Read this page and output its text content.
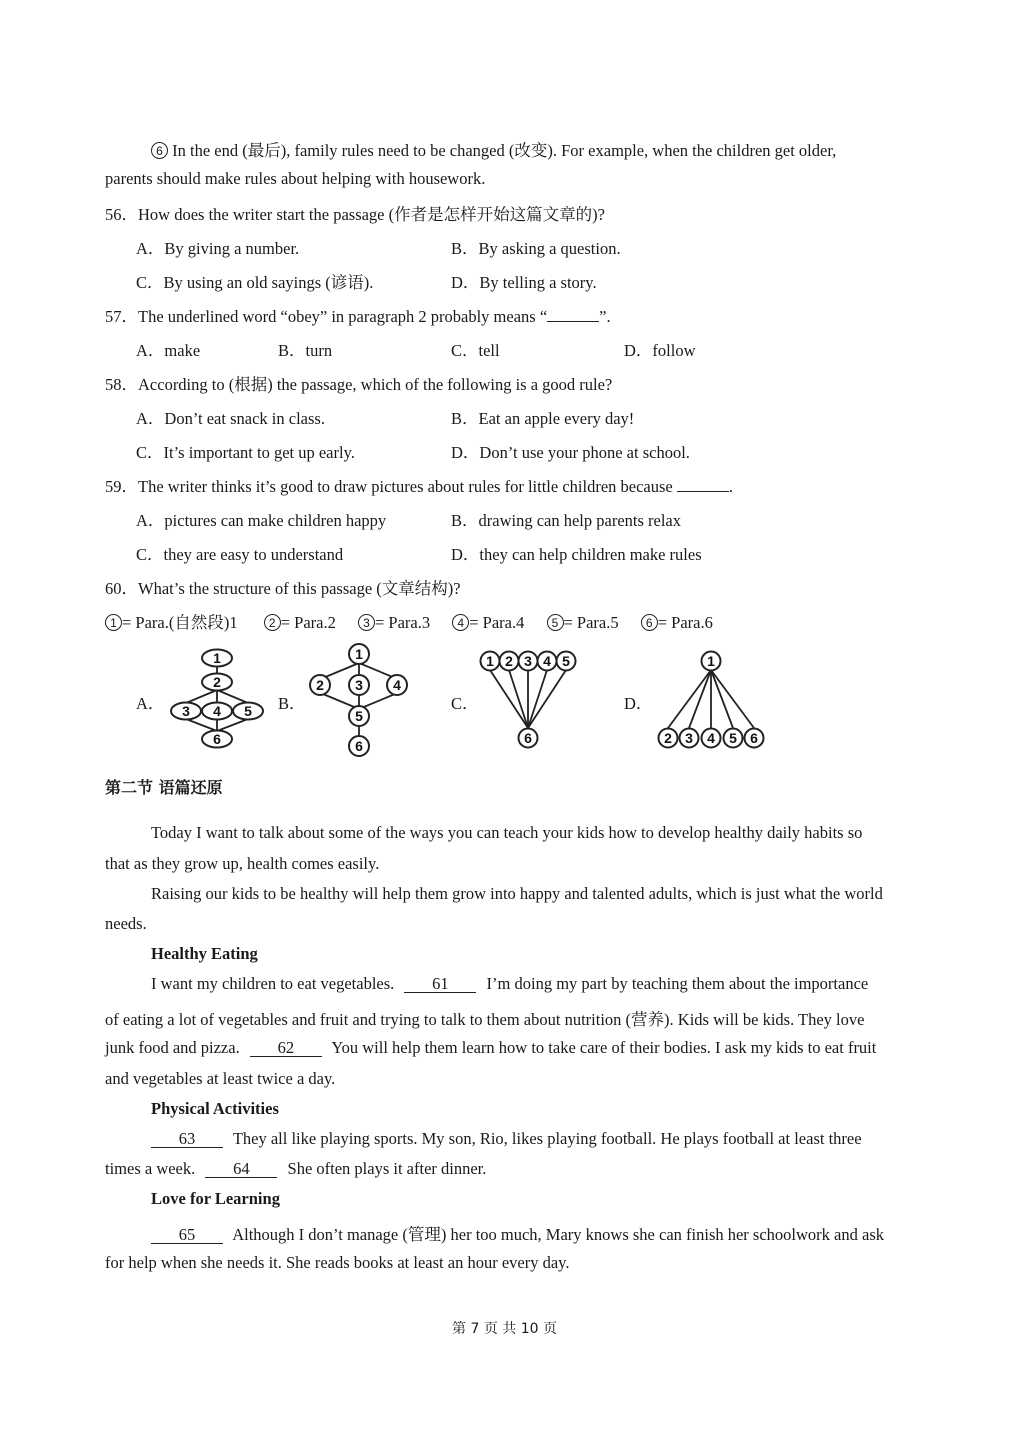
6 In the end (最后), family rules need to be changed (改变). For example, when the children get older,
parents should make rules about helping with housework.
56．How does the writer start the passage (作者是怎样开始这篇文章的)?
A．By giving a number.	B．By asking a question.
C．By using an old sayings (谚语).	D．By telling a story.
57．The underlined word “obey” in paragraph 2 probably means “	”.
A．make	B．turn	C．tell	D．follow
58．According to (根据) the passage, which of the following is a good rule?
A．Don’t eat snack in class.	B．Eat an apple every day!
C．It’s important to get up early.	D．Don’t use your phone at school.
59．The writer thinks it’s good to draw pictures about rules for little children because	.
A．pictures can make children happy	B．drawing can help parents relax
C．they are easy to understand	D．they can help children make rules
60．What’s the structure of this passage (文章结构)?
1 = Para.(自然段)1	2 = Para.2 3 = Para.3 4 = Para.4 5 = Para.5 6 = Para.6
A．	B．	C．	D．
1
2
3 4 5
6
1
2 3 4
5
6
1 2 3 4 5
6
1
2 3 4 5 6
第二节 语篇还原
Today I want to talk about some of the ways you can teach your kids how to develop healthy daily habits so
that as they grow up, health comes easily.
Raising our kids to be healthy will help them grow into happy and talented adults, which is just what the world
needs.
Healthy Eating
I want my children to eat vegetables. 61 I’m doing my part by teaching them about the importance
of eating a lot of vegetables and fruit and trying to talk to them about nutrition (营养). Kids will be kids. They love
junk food and pizza. 62 You will help them learn how to take care of their bodies. I ask my kids to eat fruit
and vegetables at least twice a day.
Physical Activities
63 They all like playing sports. My son, Rio, likes playing football. He plays football at least three
times a week. 64 She often plays it after dinner.
Love for Learning
65 Although I don’t manage (管理) her too much, Mary knows she can finish her schoolwork and ask
for help when she needs it. She reads books at least an hour every day.
第 7 页 共 10 页
